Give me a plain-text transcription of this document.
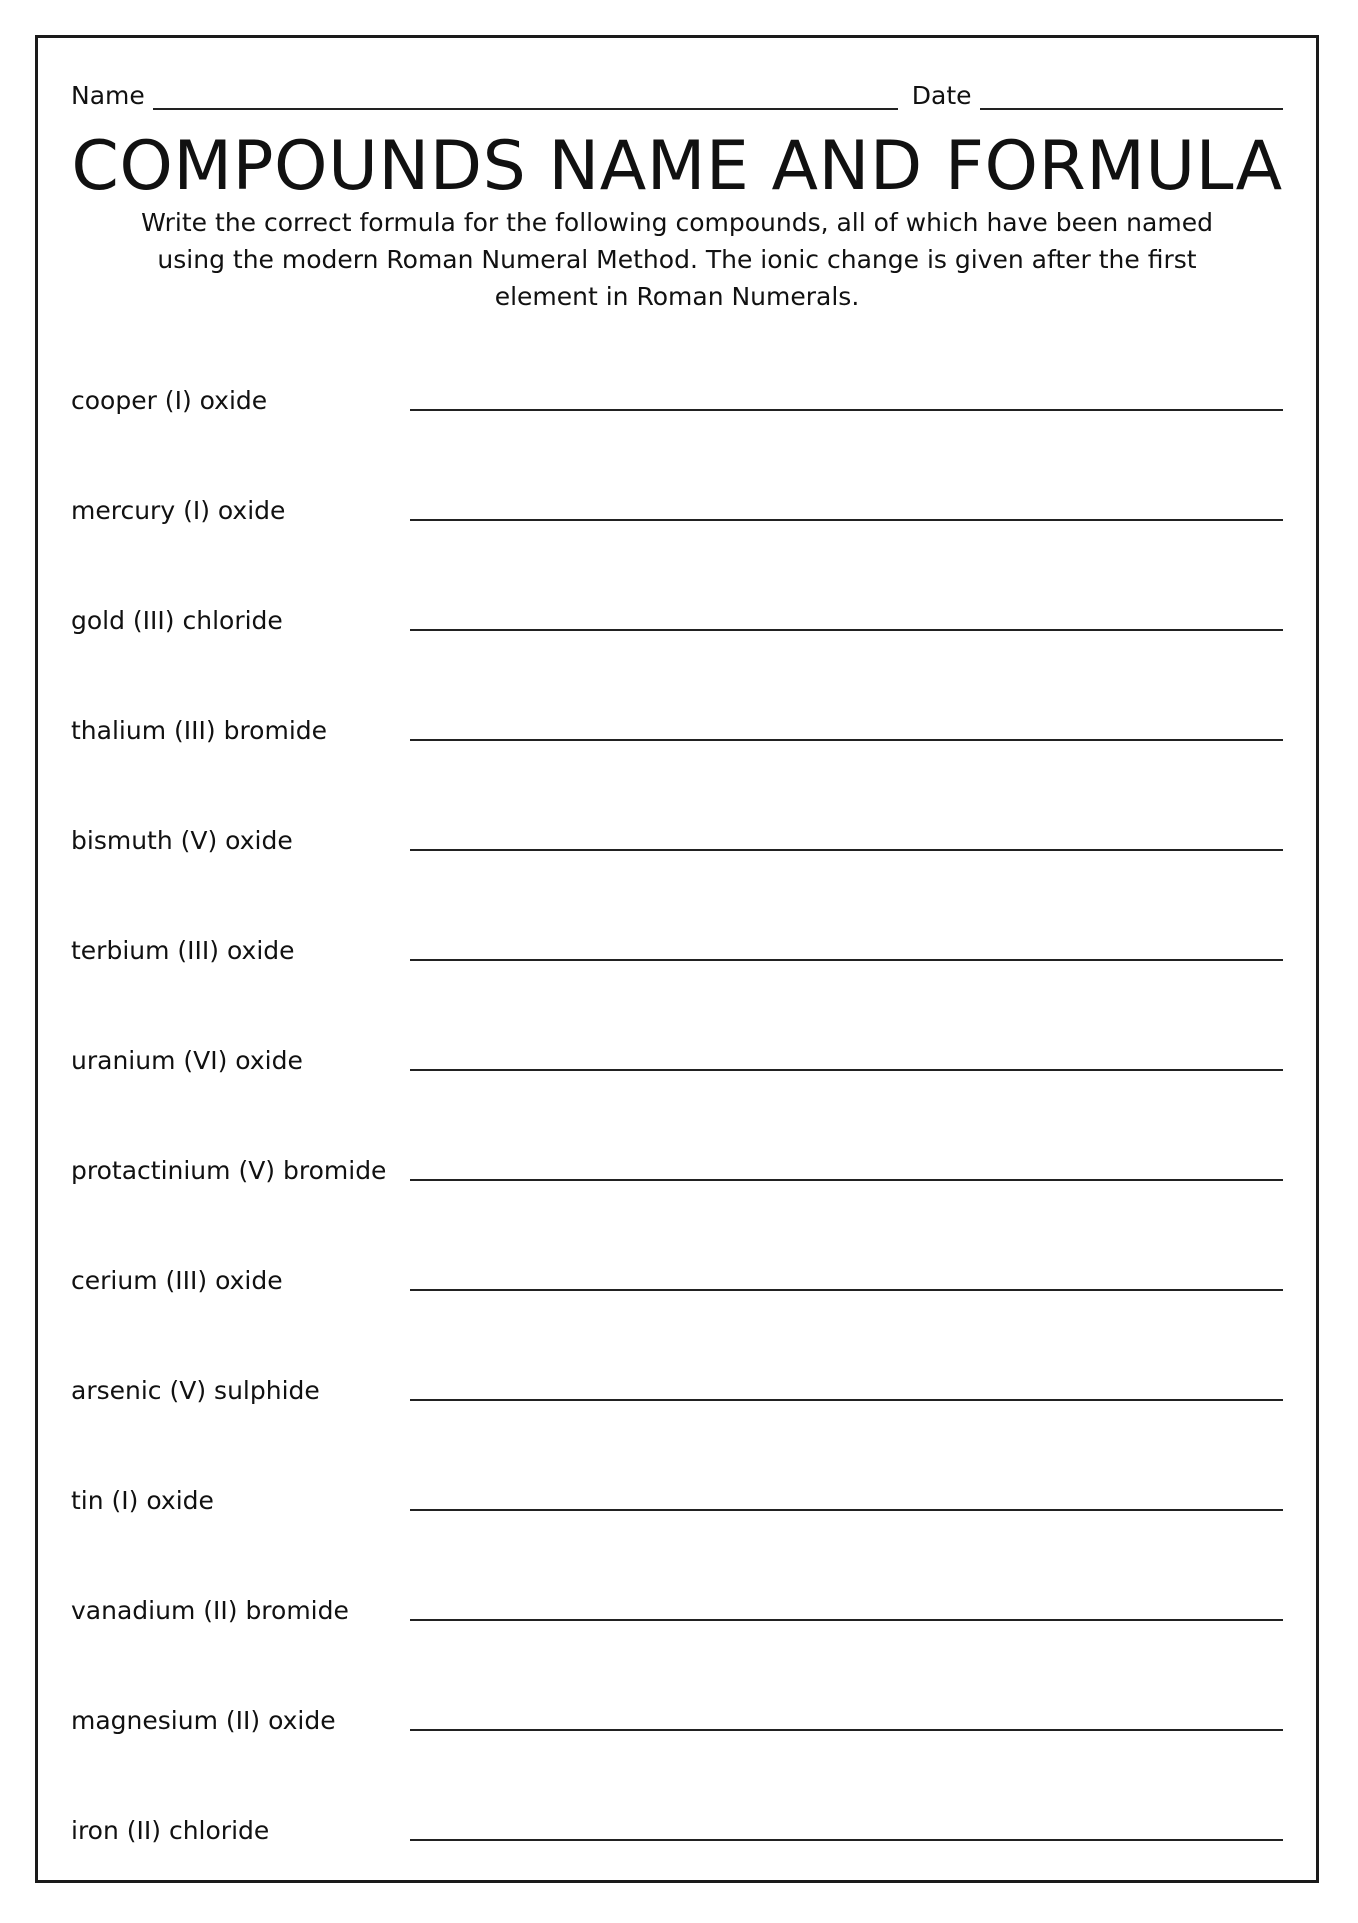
Name	Date
COMPOUNDS NAME AND FORMULA

Write the correct formula for the following compounds, all of which have been named using the modern Roman Numeral Method. The ionic change is given after the first element in Roman Numerals.

cooper (I) oxide
mercury (I) oxide
gold (III) chloride
thalium (III) bromide
bismuth (V) oxide
terbium (III) oxide
uranium (VI) oxide
protactinium (V) bromide
cerium (III) oxide
arsenic (V) sulphide
tin (I) oxide
vanadium (II) bromide
magnesium (II) oxide
iron (II) chloride
